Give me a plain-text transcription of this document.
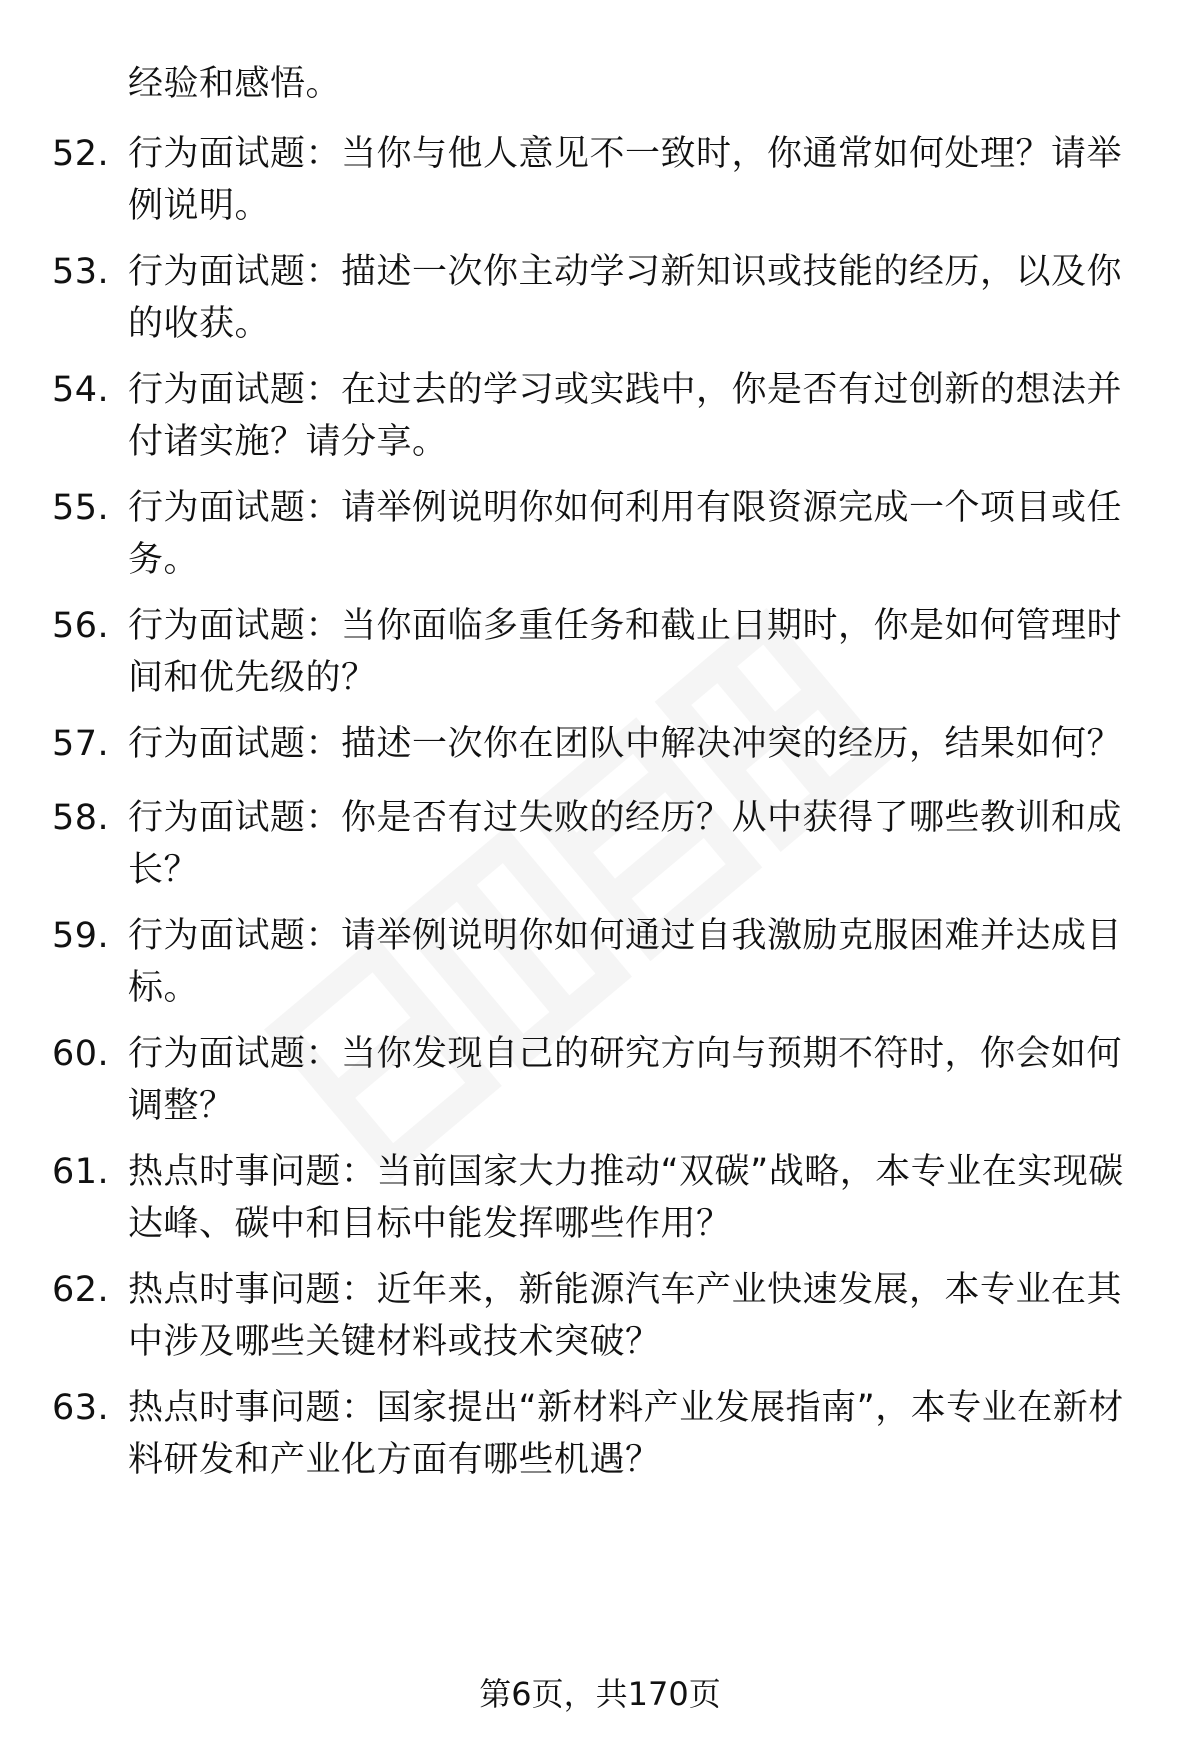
经验和感悟。
52. 行为面试题：当你与他人意见不一致时，你通常如何处理？请举例说明。
53. 行为面试题：描述一次你主动学习新知识或技能的经历，以及你的收获。
54. 行为面试题：在过去的学习或实践中，你是否有过创新的想法并付诸实施？请分享。
55. 行为面试题：请举例说明你如何利用有限资源完成一个项目或任务。
56. 行为面试题：当你面临多重任务和截止日期时，你是如何管理时间和优先级的？
57. 行为面试题：描述一次你在团队中解决冲突的经历，结果如何？
58. 行为面试题：你是否有过失败的经历？从中获得了哪些教训和成长？
59. 行为面试题：请举例说明你如何通过自我激励克服困难并达成目标。
60. 行为面试题：当你发现自己的研究方向与预期不符时，你会如何调整？
61. 热点时事问题：当前国家大力推动“双碳”战略，本专业在实现碳达峰、碳中和目标中能发挥哪些作用？
62. 热点时事问题：近年来，新能源汽车产业快速发展，本专业在其中涉及哪些关键材料或技术突破？
63. 热点时事问题：国家提出“新材料产业发展指南”，本专业在新材料研发和产业化方面有哪些机遇？
第6页，共170页
